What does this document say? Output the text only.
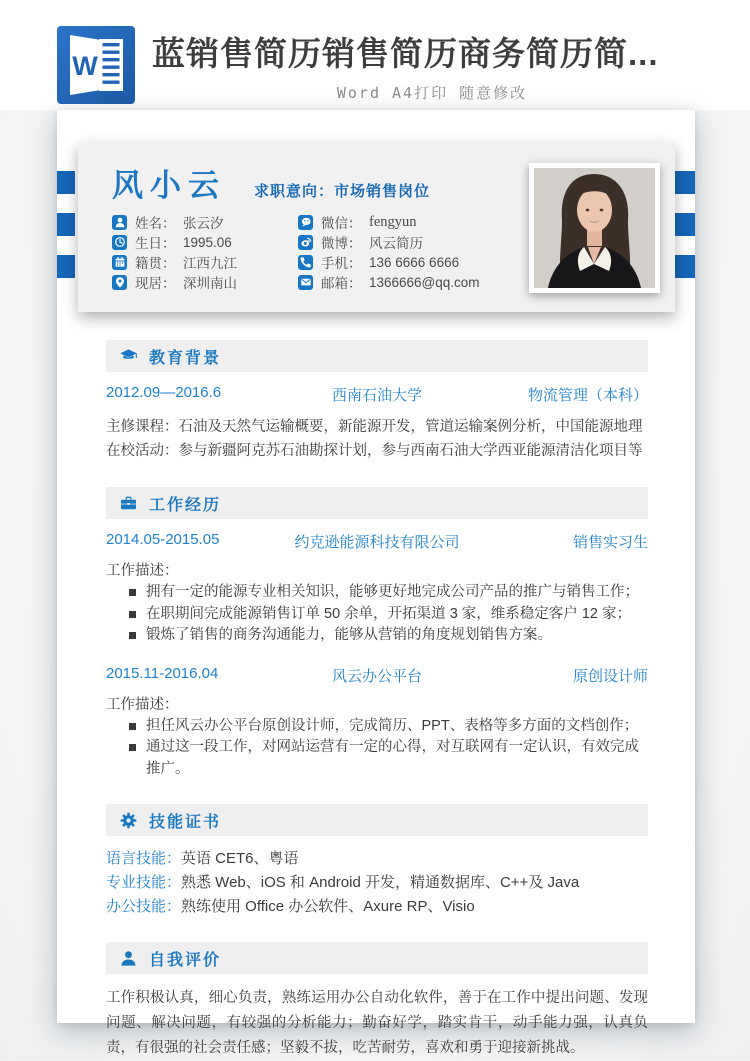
W 蓝销售简历销售简历商务简历简...
Word A4打印 随意修改
风小云 求职意向：市场销售岗位
姓名： 张云汐
生日： 1995.06
籍贯： 江西九江
现居： 深圳南山
微信： fengyun
微博： 风云简历
手机： 136 6666 6666
邮箱： 1366666@qq.com
教育背景
2012.09—2016.6	西南石油大学	物流管理（本科）
主修课程：石油及天然气运输概要，新能源开发，管道运输案例分析，中国能源地理
在校活动：参与新疆阿克苏石油勘探计划，参与西南石油大学西亚能源清洁化项目等
工作经历
2014.05-2015.05	约克逊能源科技有限公司	销售实习生
工作描述：
拥有一定的能源专业相关知识，能够更好地完成公司产品的推广与销售工作；
在职期间完成能源销售订单 50 余单，开拓渠道 3 家，维系稳定客户 12 家；
锻炼了销售的商务沟通能力，能够从营销的角度规划销售方案。
2015.11-2016.04	风云办公平台	原创设计师
工作描述：
担任风云办公平台原创设计师，完成简历、PPT、表格等多方面的文档创作；
通过这一段工作，对网站运营有一定的心得，对互联网有一定认识，有效完成推广。
技能证书
语言技能：英语 CET6、粤语
专业技能：熟悉 Web、iOS 和 Android 开发，精通数据库、C++及 Java
办公技能：熟练使用 Office 办公软件、Axure RP、Visio
自我评价
工作积极认真，细心负责，熟练运用办公自动化软件，善于在工作中提出问题、发现问题、解决问题，有较强的分析能力；勤奋好学，踏实肯干，动手能力强，认真负责，有很强的社会责任感；坚毅不拔，吃苦耐劳，喜欢和勇于迎接新挑战。
